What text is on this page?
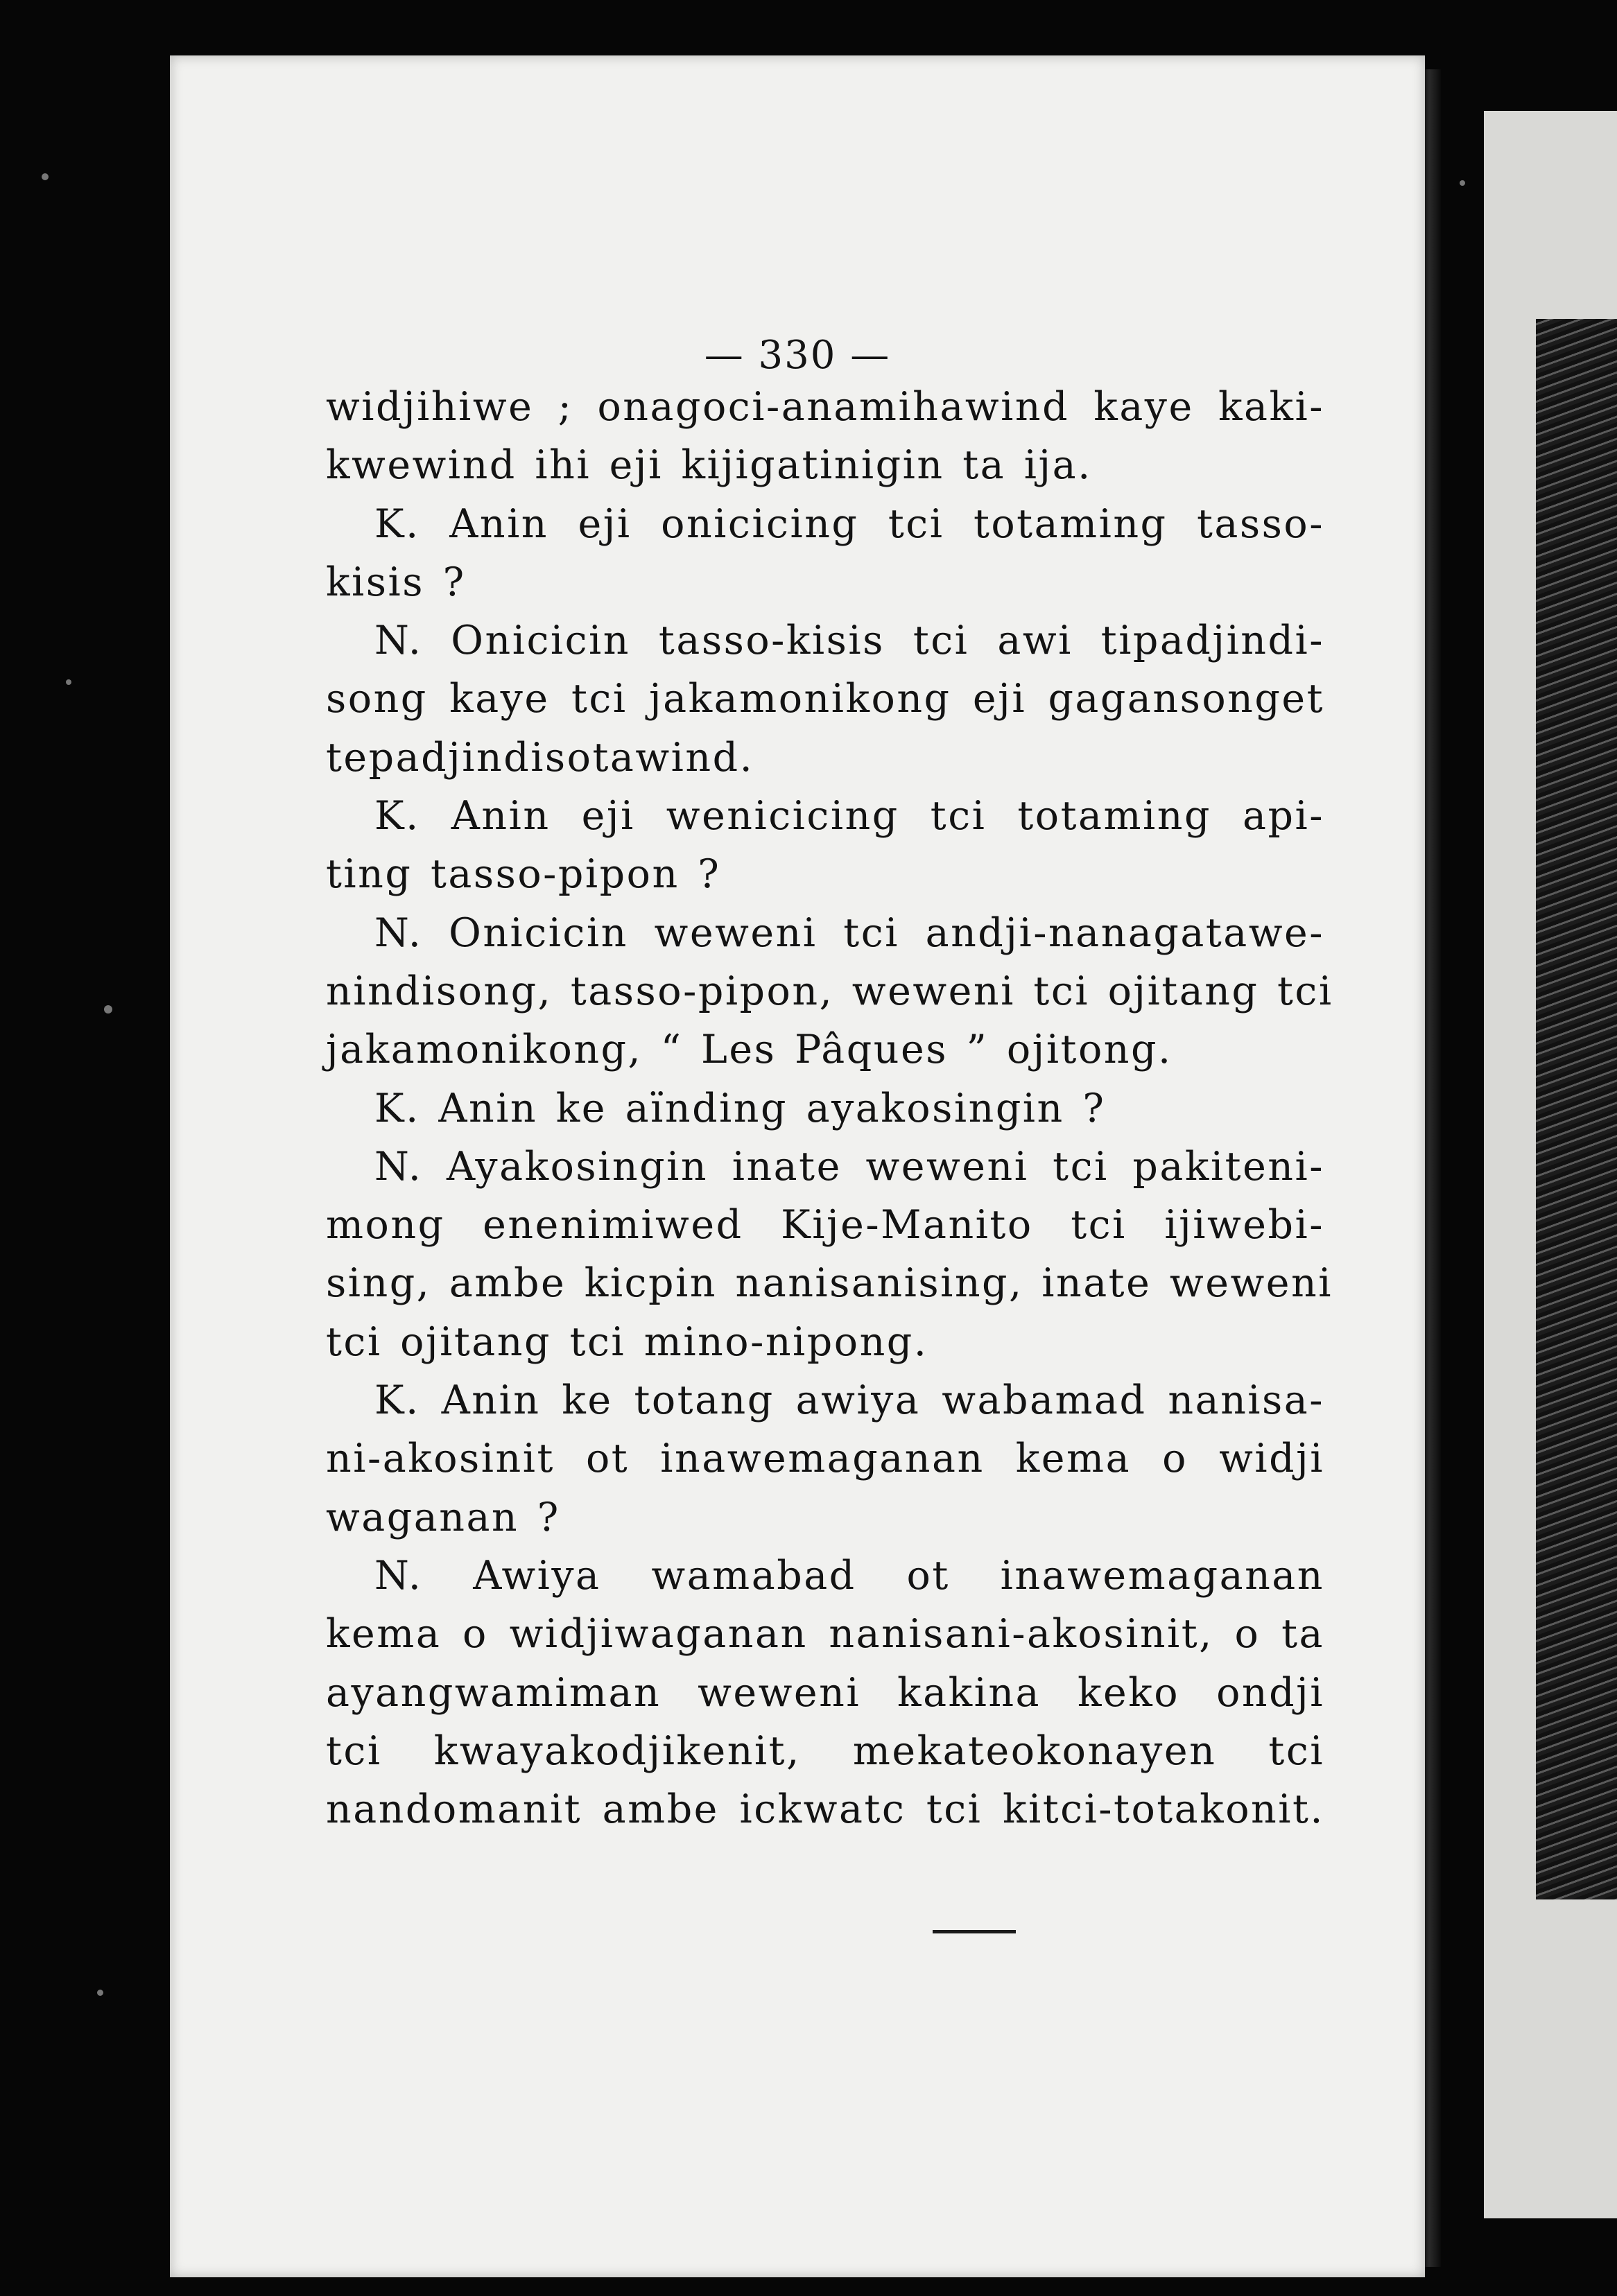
— 330 —
widjihiwe ; onagoci-anamihawind kaye kaki-
kwewind ihi eji kijigatinigin ta ija.
K. Anin eji onicicing tci totaming tasso-
kisis ?
N. Onicicin tasso-kisis tci awi tipadjindi-
song kaye tci jakamonikong eji gagansonget
tepadjindisotawind.
K. Anin eji wenicicing tci totaming api-
ting tasso-pipon ?
N. Onicicin weweni tci andji-nanagatawe-
nindisong, tasso-pipon, weweni tci ojitang tci
jakamonikong, “ Les Pâques ” ojitong.
K. Anin ke aïnding ayakosingin ?
N. Ayakosingin inate weweni tci pakiteni-
mong enenimiwed Kije-Manito tci ijiwebi-
sing, ambe kicpin nanisanising, inate weweni
tci ojitang tci mino-nipong.
K. Anin ke totang awiya wabamad nanisa-
ni-akosinit ot inawemaganan kema o widji
waganan ?
N. Awiya wamabad ot inawemaganan
kema o widjiwaganan nanisani-akosinit, o ta
ayangwamiman weweni kakina keko ondji
tci kwayakodjikenit, mekateokonayen tci
nandomanit ambe ickwatc tci kitci-totakonit.
